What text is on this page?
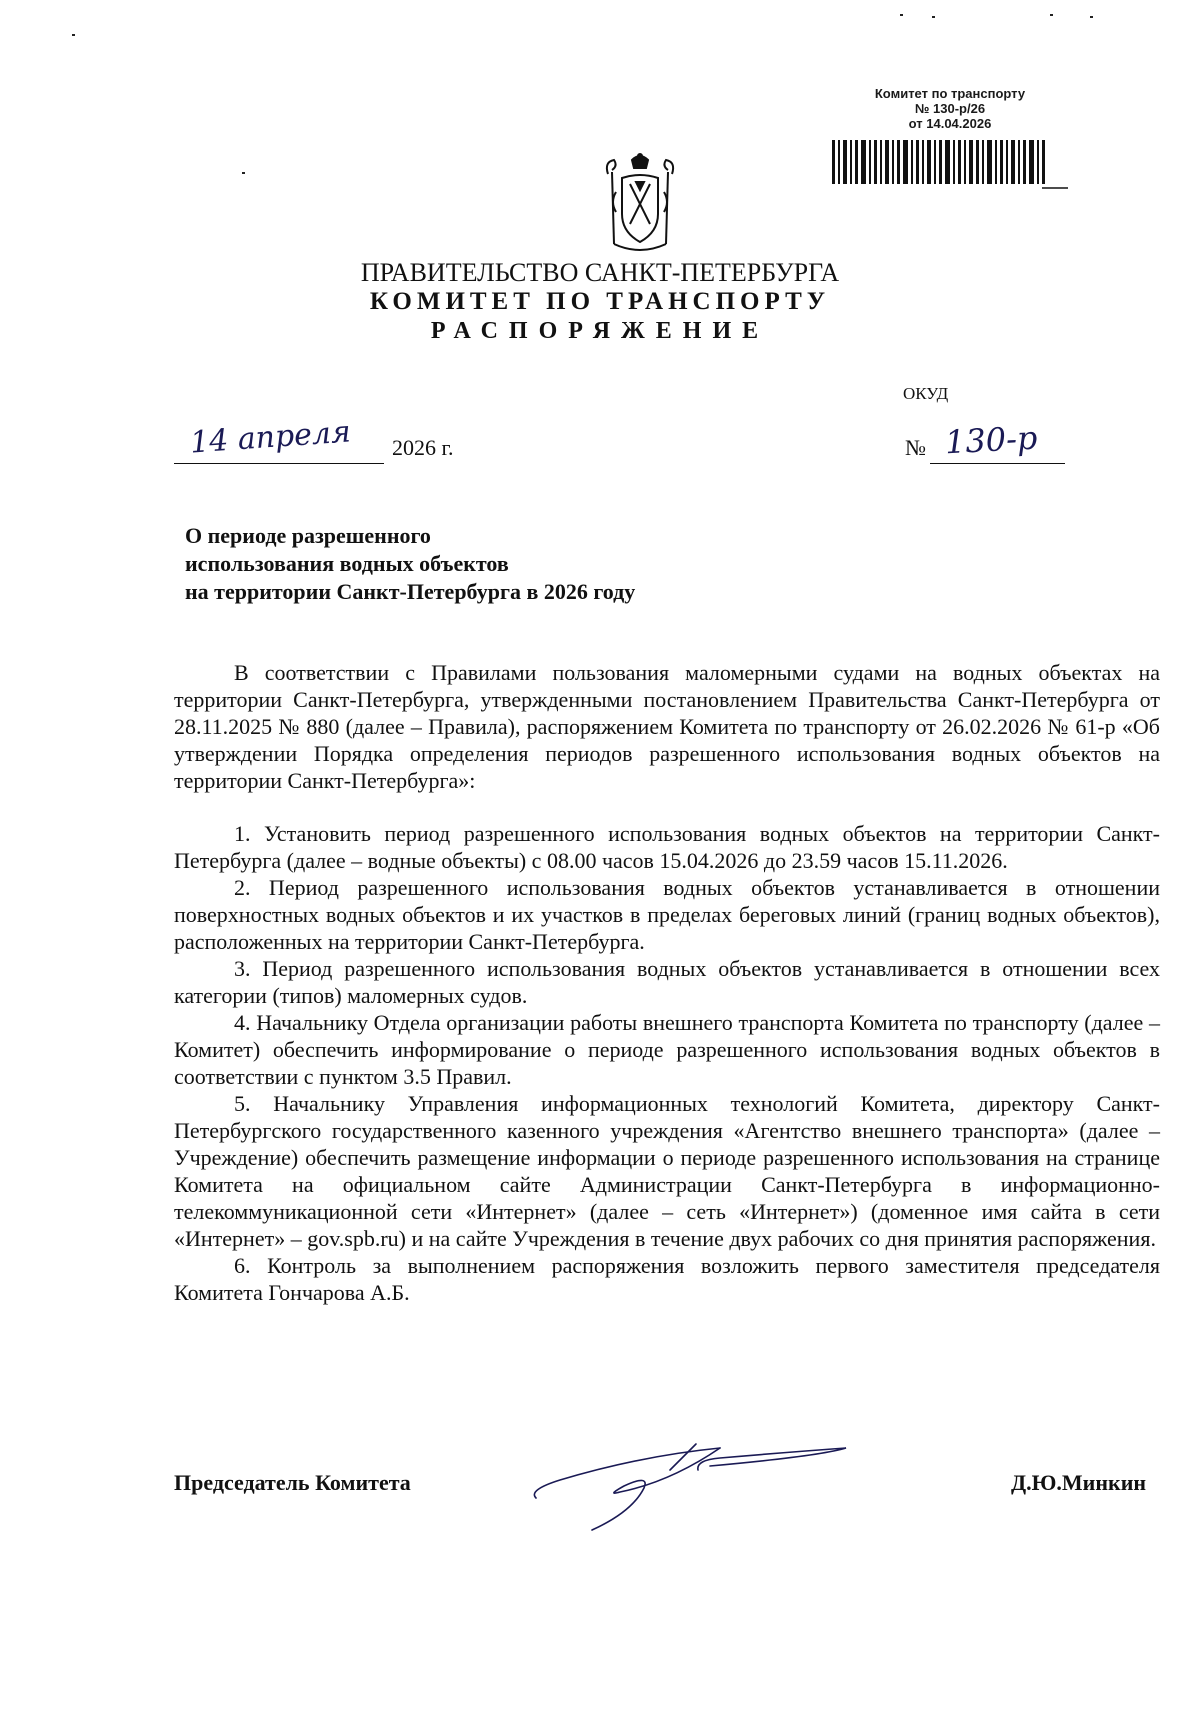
Комитет по транспорту
№ 130-р/26
от 14.04.2026
ПРАВИТЕЛЬСТВО САНКТ-ПЕТЕРБУРГА
КОМИТЕТ ПО ТРАНСПОРТУ
РАСПОРЯЖЕНИЕ
ОКУД
14 апреля 2026 г.	№ 130-р
О периоде разрешенного
использования водных объектов
на территории Санкт-Петербурга в 2026 году

В соответствии с Правилами пользования маломерными судами на водных объектах на территории Санкт-Петербурга, утвержденными постановлением Правительства Санкт-Петербурга от 28.11.2025 № 880 (далее – Правила), распоряжением Комитета по транспорту от 26.02.2026 № 61-р «Об утверждении Порядка определения периодов разрешенного использования водных объектов на территории Санкт-Петербурга»:

1. Установить период разрешенного использования водных объектов на территории Санкт-Петербурга (далее – водные объекты) с 08.00 часов 15.04.2026 до 23.59 часов 15.11.2026.

2. Период разрешенного использования водных объектов устанавливается в отношении поверхностных водных объектов и их участков в пределах береговых линий (границ водных объектов), расположенных на территории Санкт-Петербурга.

3. Период разрешенного использования водных объектов устанавливается в отношении всех категории (типов) маломерных судов.

4. Начальнику Отдела организации работы внешнего транспорта Комитета по транспорту (далее – Комитет) обеспечить информирование о периоде разрешенного использования водных объектов в соответствии с пунктом 3.5 Правил.

5. Начальнику Управления информационных технологий Комитета, директору Санкт-Петербургского государственного казенного учреждения «Агентство внешнего транспорта» (далее – Учреждение) обеспечить размещение информации о периоде разрешенного использования на странице Комитета на официальном сайте Администрации Санкт-Петербурга в информационно-телекоммуникационной сети «Интернет» (далее – сеть «Интернет») (доменное имя сайта в сети «Интернет» – gov.spb.ru) и на сайте Учреждения в течение двух рабочих со дня принятия распоряжения.

6. Контроль за выполнением распоряжения возложить первого заместителя председателя Комитета Гончарова А.Б.

Председатель Комитета	Д.Ю.Минкин
